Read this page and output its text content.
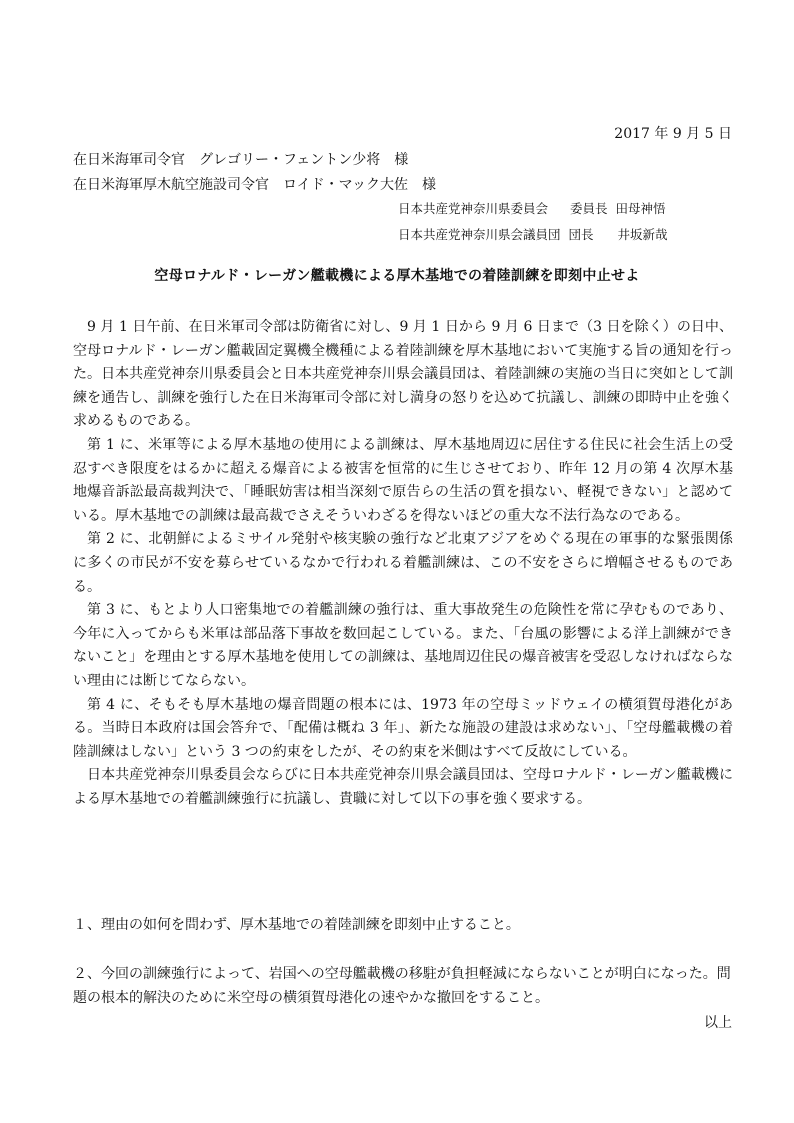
2017 年 9 月 5 日
在日米海軍司令官　グレゴリー・フェントン少将　様
在日米海軍厚木航空施設司令官　ロイド・マック大佐　様
日本共産党神奈川県委員会 委員長 田母神悟
日本共産党神奈川県会議員団 団長 井坂新哉
空母ロナルド・レーガン艦載機による厚木基地での着陸訓練を即刻中止せよ

9 月 1 日午前、在日米軍司令部は防衛省に対し、9 月 1 日から 9 月 6 日まで（3 日を除く）の日中、空母ロナルド・レーガン艦載固定翼機全機種による着陸訓練を厚木基地において実施する旨の通知を行った。日本共産党神奈川県委員会と日本共産党神奈川県会議員団は、着陸訓練の実施の当日に突如として訓練を通告し、訓練を強行した在日米海軍司令部に対し満身の怒りを込めて抗議し、訓練の即時中止を強く求めるものである。

第 1 に、米軍等による厚木基地の使用による訓練は、厚木基地周辺に居住する住民に社会生活上の受忍すべき限度をはるかに超える爆音による被害を恒常的に生じさせており、昨年 12 月の第 4 次厚木基地爆音訴訟最高裁判決で、「睡眠妨害は相当深刻で原告らの生活の質を損ない、軽視できない」と認めている。厚木基地での訓練は最高裁でさえそういわざるを得ないほどの重大な不法行為なのである。

第 2 に、北朝鮮によるミサイル発射や核実験の強行など北東アジアをめぐる現在の軍事的な緊張関係に多くの市民が不安を募らせているなかで行われる着艦訓練は、この不安をさらに増幅させるものである。

第 3 に、もとより人口密集地での着艦訓練の強行は、重大事故発生の危険性を常に孕むものであり、今年に入ってからも米軍は部品落下事故を数回起こしている。また、「台風の影響による洋上訓練ができないこと」を理由とする厚木基地を使用しての訓練は、基地周辺住民の爆音被害を受忍しなければならない理由には断じてならない。

第 4 に、そもそも厚木基地の爆音問題の根本には、1973 年の空母ミッドウェイの横須賀母港化がある。当時日本政府は国会答弁で、「配備は概ね 3 年」、新たな施設の建設は求めない」、「空母艦載機の着陸訓練はしない」という 3 つの約束をしたが、その約束を米側はすべて反故にしている。

日本共産党神奈川県委員会ならびに日本共産党神奈川県会議員団は、空母ロナルド・レーガン艦載機による厚木基地での着艦訓練強行に抗議し、貴職に対して以下の事を強く要求する。

１、理由の如何を問わず、厚木基地での着陸訓練を即刻中止すること。

２、今回の訓練強行によって、岩国への空母艦載機の移駐が負担軽減にならないことが明白になった。問題の根本的解決のために米空母の横須賀母港化の速やかな撤回をすること。

以上
